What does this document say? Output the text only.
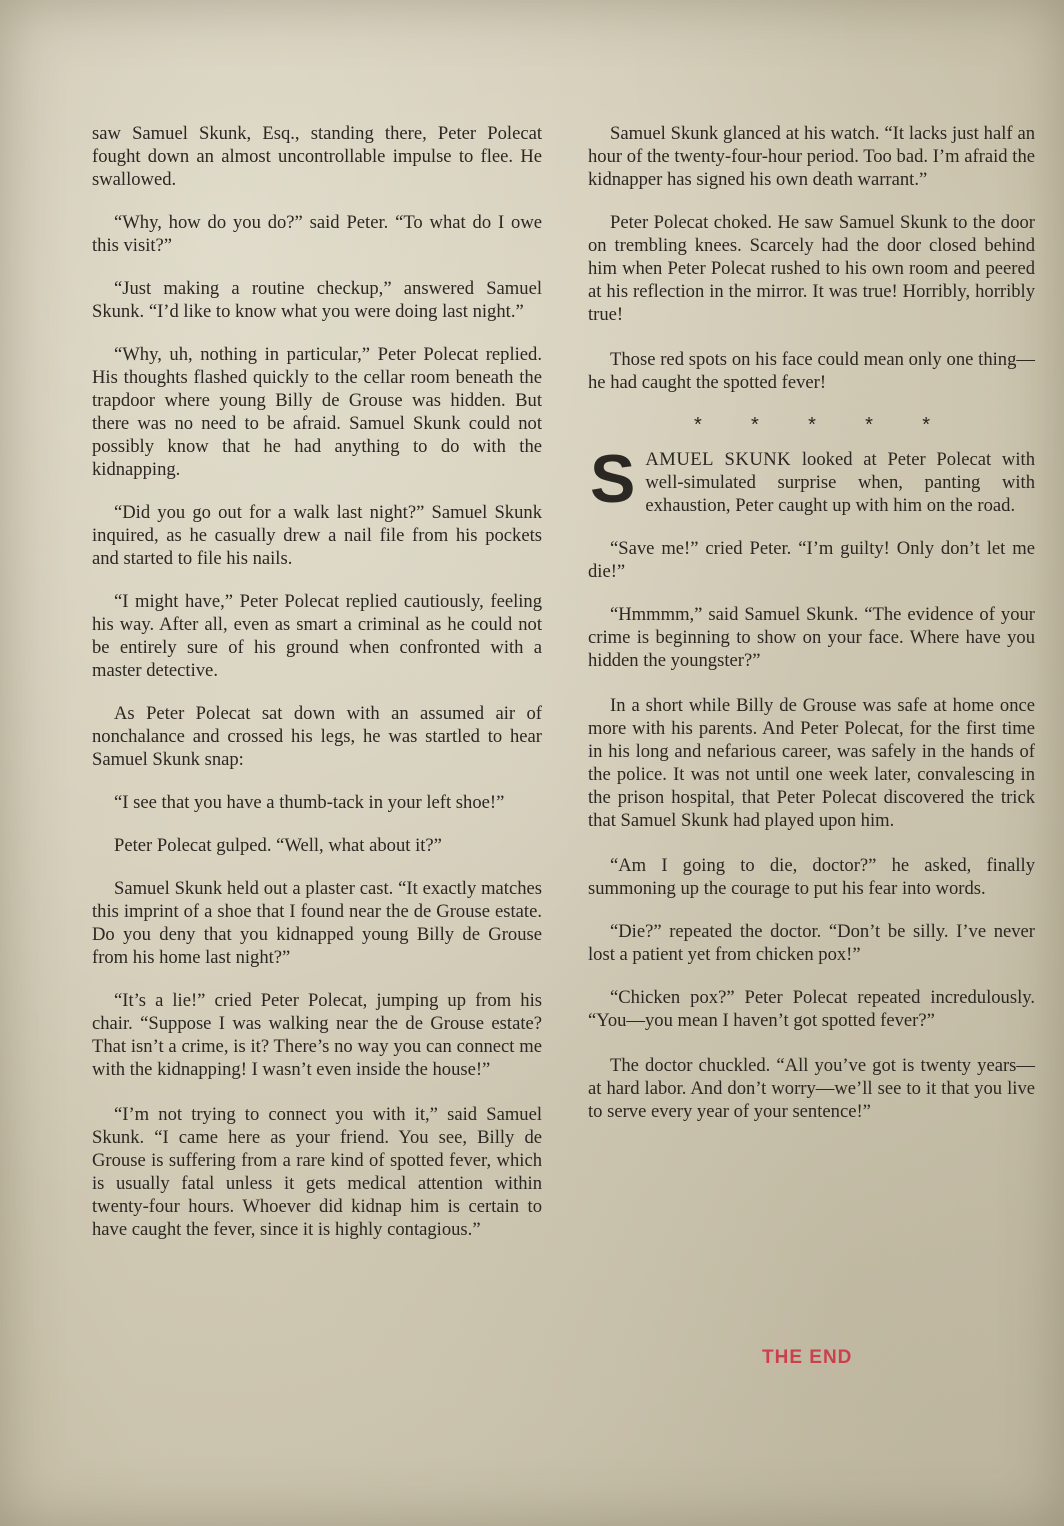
saw Samuel Skunk, Esq., standing there, Peter Polecat fought down an almost uncontrollable impulse to flee. He swallowed.

“Why, how do you do?” said Peter. “To what do I owe this visit?”

“Just making a routine checkup,” answered Samuel Skunk. “I’d like to know what you were doing last night.”

“Why, uh, nothing in particular,” Peter Polecat replied. His thoughts flashed quickly to the cellar room beneath the trapdoor where young Billy de Grouse was hidden. But there was no need to be afraid. Samuel Skunk could not possibly know that he had anything to do with the kidnapping.

“Did you go out for a walk last night?” Samuel Skunk inquired, as he casually drew a nail file from his pockets and started to file his nails.

“I might have,” Peter Polecat replied cautiously, feeling his way. After all, even as smart a criminal as he could not be entirely sure of his ground when confronted with a master detective.

As Peter Polecat sat down with an assumed air of nonchalance and crossed his legs, he was startled to hear Samuel Skunk snap:

“I see that you have a thumb-tack in your left shoe!”

Peter Polecat gulped. “Well, what about it?”

Samuel Skunk held out a plaster cast. “It exactly matches this imprint of a shoe that I found near the de Grouse estate. Do you deny that you kidnapped young Billy de Grouse from his home last night?”

“It’s a lie!” cried Peter Polecat, jumping up from his chair. “Suppose I was walking near the de Grouse estate? That isn’t a crime, is it? There’s no way you can connect me with the kidnapping! I wasn’t even inside the house!”

“I’m not trying to connect you with it,” said Samuel Skunk. “I came here as your friend. You see, Billy de Grouse is suffering from a rare kind of spotted fever, which is usually fatal unless it gets medical attention within twenty-four hours. Whoever did kidnap him is certain to have caught the fever, since it is highly contagious.”

Samuel Skunk glanced at his watch. “It lacks just half an hour of the twenty-four-hour period. Too bad. I’m afraid the kidnapper has signed his own death warrant.”

Peter Polecat choked. He saw Samuel Skunk to the door on trembling knees. Scarcely had the door closed behind him when Peter Polecat rushed to his own room and peered at his reflection in the mirror. It was true! Horribly, horribly true!

Those red spots on his face could mean only one thing—he had caught the spotted fever!

* * * * *

SAMUEL SKUNK looked at Peter Polecat with well-simulated surprise when, panting with exhaustion, Peter caught up with him on the road.

“Save me!” cried Peter. “I’m guilty! Only don’t let me die!”

“Hmmmm,” said Samuel Skunk. “The evidence of your crime is beginning to show on your face. Where have you hidden the youngster?”

In a short while Billy de Grouse was safe at home once more with his parents. And Peter Polecat, for the first time in his long and nefarious career, was safely in the hands of the police. It was not until one week later, convalescing in the prison hospital, that Peter Polecat discovered the trick that Samuel Skunk had played upon him.

“Am I going to die, doctor?” he asked, finally summoning up the courage to put his fear into words.

“Die?” repeated the doctor. “Don’t be silly. I’ve never lost a patient yet from chicken pox!”

“Chicken pox?” Peter Polecat repeated incredulously. “You—you mean I haven’t got spotted fever?”

The doctor chuckled. “All you’ve got is twenty years—at hard labor. And don’t worry—we’ll see to it that you live to serve every year of your sentence!”

THE END
